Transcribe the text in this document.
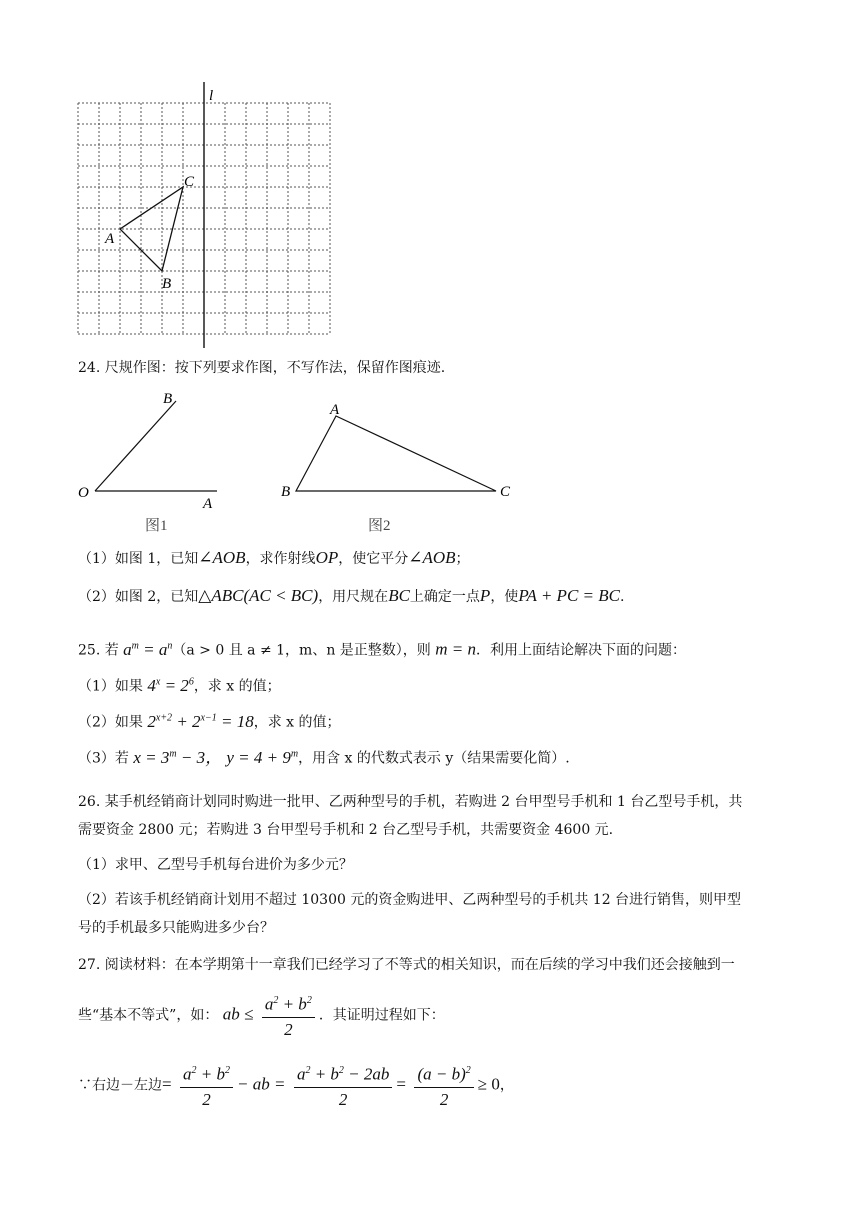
l
C
A
B
24. 尺规作图：按下列要求作图，不写作法，保留作图痕迹.
B
O
A
图1
A
B	C
图2
（1）如图 1，已知∠AOB，求作射线OP，使它平分∠AOB；
（2）如图 2，已知△ABC(AC < BC)，用尺规在BC上确定一点P，使PA + PC = BC.
25. 若 $a^m = a^n(a > 0$ 且 a ≠ 1，m、n 是正整数），则 m = n．利用上面结论解决下面的问题：
（1）如果 $4^x = 2^6$，求 x 的值；
（2）如果 $2^{x+2} + 2^{x-1} = 18$，求 x 的值；
（3）若 $x = 3^m - 3$， $y = 4 + 9^m$，用含 x 的代数式表示 y（结果需要化简）.
26. 某手机经销商计划同时购进一批甲、乙两种型号的手机，若购进 2 台甲型号手机和 1 台乙型号手机，共
需要资金 2800 元；若购进 3 台甲型号手机和 2 台乙型号手机，共需要资金 4600 元.
（1）求甲、乙型号手机每台进价为多少元？
（2）若该手机经销商计划用不超过 10300 元的资金购进甲、乙两种型号的手机共 12 台进行销售，则甲型
号的手机最多只能购进多少台？
27. 阅读材料：在本学期第十一章我们已经学习了不等式的相关知识，而在后续的学习中我们还会接触到一
些“基本不等式”，如： ab ≤ $\frac{a^2 + b^2}{2}$ ．其证明过程如下：
∵右边－左边= $\frac{a^2 + b^2}{2}$ − ab = $\frac{a^2 + b^2 - 2ab}{2} = \frac{(a - b)^2}{2} \ge 0$，
